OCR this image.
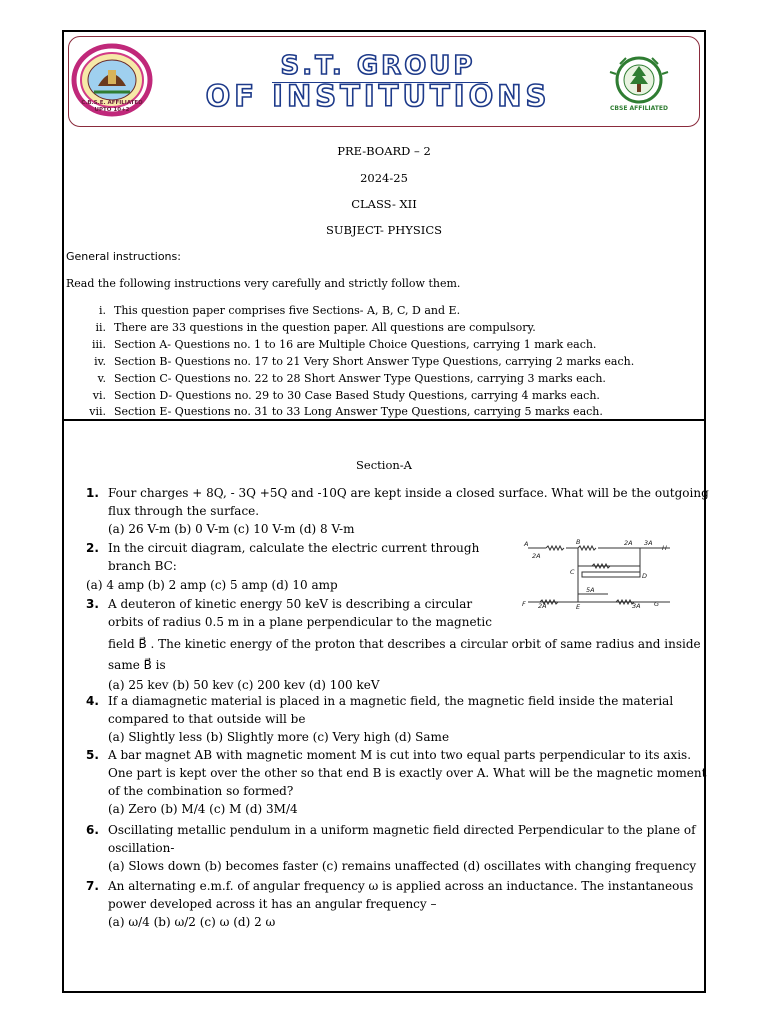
C.B.S.E. AFFILIATED
UPTO 10+2
S.T. GROUP
OF INSTITUTIONS	CBSE AFFILIATED
PRE-BOARD – 2
2024-25
CLASS- XII
SUBJECT- PHYSICS
General instructions:
Read the following instructions very carefully and strictly follow them.
i. This question paper comprises five Sections- A, B, C, D and E.
ii. There are 33 questions in the question paper. All questions are compulsory.
iii. Section A- Questions no. 1 to 16 are Multiple Choice Questions, carrying 1 mark each.
iv. Section B- Questions no. 17 to 21 Very Short Answer Type Questions, carrying 2 marks each.
v. Section C- Questions no. 22 to 28 Short Answer Type Questions, carrying 3 marks each.
vi. Section D- Questions no. 29 to 30 Case Based Study Questions, carrying 4 marks each.
vii. Section E- Questions no. 31 to 33 Long Answer Type Questions, carrying 5 marks each.
Section-A
1. Four charges + 8Q, - 3Q +5Q and -10Q are kept inside a closed surface. What will be the outgoing
flux through the surface.
(a) 26 V-m (b) 0 V-m (c) 10 V-m (d) 8 V-m
2. In the circuit diagram, calculate the electric current through
branch BC:
(a) 4 amp (b) 2 amp (c) 5 amp (d) 10 amp
A	B	2A 3A
H
2A
C	D
5A
F 2A	E	3A G
3. A deuteron of kinetic energy 50 keV is describing a circular
orbits of radius 0.5 m in a plane perpendicular to the magnetic
field B⃗ . The kinetic energy of the proton that describes a circular orbit of same radius and inside
same B⃗ is
(a) 25 kev (b) 50 kev (c) 200 kev (d) 100 keV
4. If a diamagnetic material is placed in a magnetic field, the magnetic field inside the material
compared to that outside will be
(a) Slightly less (b) Slightly more (c) Very high (d) Same
5. A bar magnet AB with magnetic moment M is cut into two equal parts perpendicular to its axis.
One part is kept over the other so that end B is exactly over A. What will be the magnetic moment
of the combination so formed?
(a) Zero (b) M/4 (c) M (d) 3M/4
6. Oscillating metallic pendulum in a uniform magnetic field directed Perpendicular to the plane of
oscillation-
(a) Slows down (b) becomes faster (c) remains unaffected (d) oscillates with changing frequency
7. An alternating e.m.f. of angular frequency ω is applied across an inductance. The instantaneous
power developed across it has an angular frequency –
(a) ω/4 (b) ω/2 (c) ω (d) 2 ω
